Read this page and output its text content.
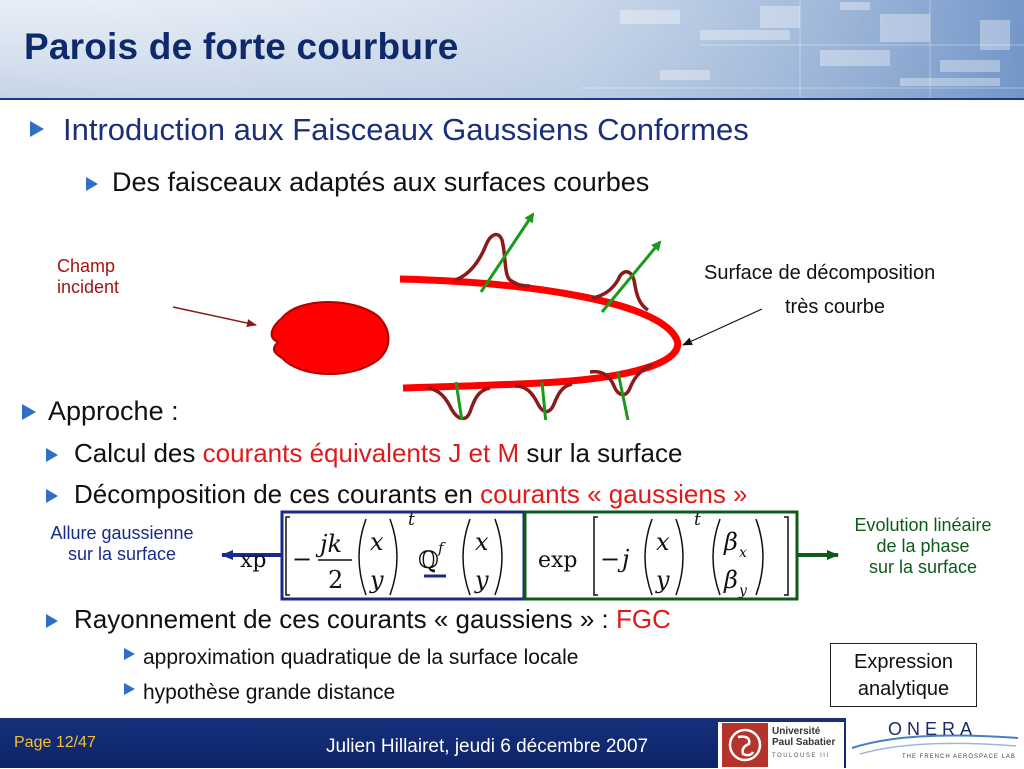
Parois de forte courbure
Introduction aux Faisceaux Gaussiens Conformes
Des faisceaux adaptés aux surfaces courbes
Champ
incident
Surface de décomposition
très courbe
Approche :
Calcul des courants équivalents J et M sur la surface
Décomposition de ces courants en courants « gaussiens »
xp −
jk
2
x
y
t
ℚ f x
y
exp − j
x
y
t
β x
β y
Allure gaussienne
sur la surface
Evolution linéaire
de la phase
sur la surface
Rayonnement de ces courants « gaussiens » : FGC
approximation quadratique de la surface locale
hypothèse grande distance
Expression
analytique
Page 12/47	Julien Hillairet, jeudi 6 décembre 2007
Université
Paul Sabatier
TOULOUSE III
ONERA
THE FRENCH AEROSPACE LAB
